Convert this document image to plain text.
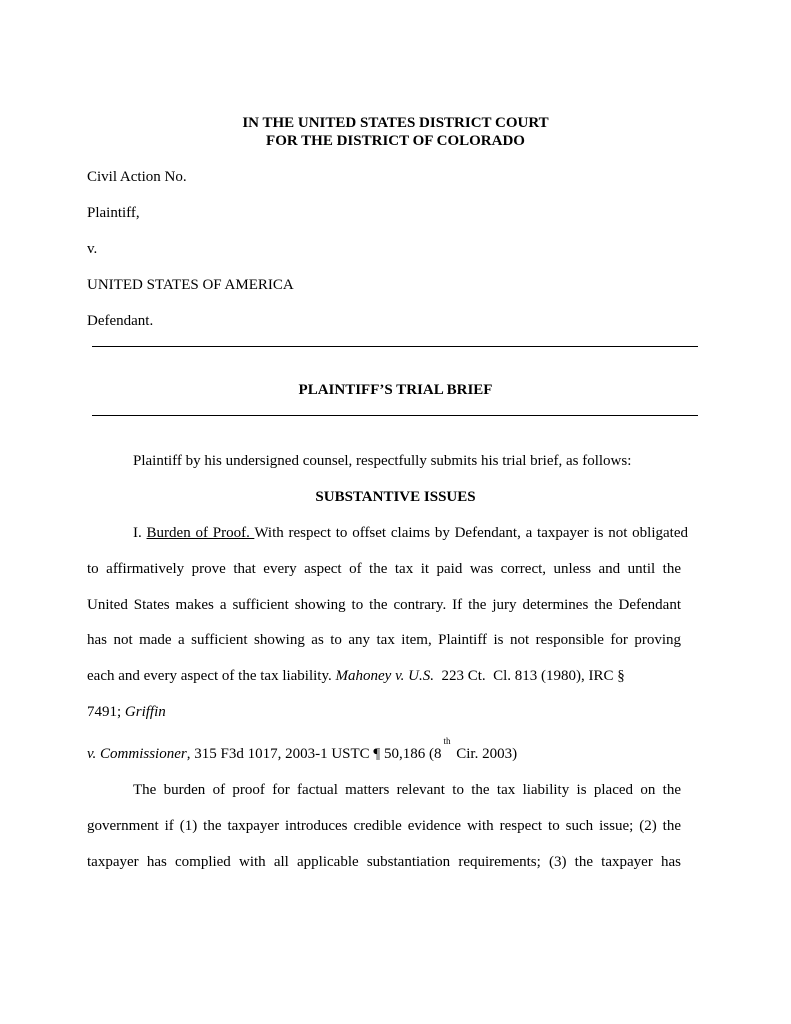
IN THE UNITED STATES DISTRICT COURT
FOR THE DISTRICT OF COLORADO
Civil Action No.
Plaintiff,
v.
UNITED STATES OF AMERICA
Defendant.
PLAINTIFF’S TRIAL BRIEF
Plaintiff by his undersigned counsel, respectfully submits his trial brief, as follows:
SUBSTANTIVE ISSUES
I. Burden of Proof. With respect to offset claims by Defendant, a taxpayer is not obligated
to affirmatively prove that every aspect of the tax it paid was correct, unless and until the
United States makes a sufficient showing to the contrary. If the jury determines the Defendant
has not made a sufficient showing as to any tax item, Plaintiff is not responsible for proving
each and every aspect of the tax liability. Mahoney v. U.S.  223 Ct.  Cl. 813 (1980), IRC §
7491; Griffin
v. Commissioner, 315 F3d 1017, 2003-1 USTC ¶ 50,186 (8th Cir. 2003)
The burden of proof for factual matters relevant to the tax liability is placed on the
government if (1) the taxpayer introduces credible evidence with respect to such issue; (2) the
taxpayer has complied with all applicable substantiation requirements; (3) the taxpayer has
